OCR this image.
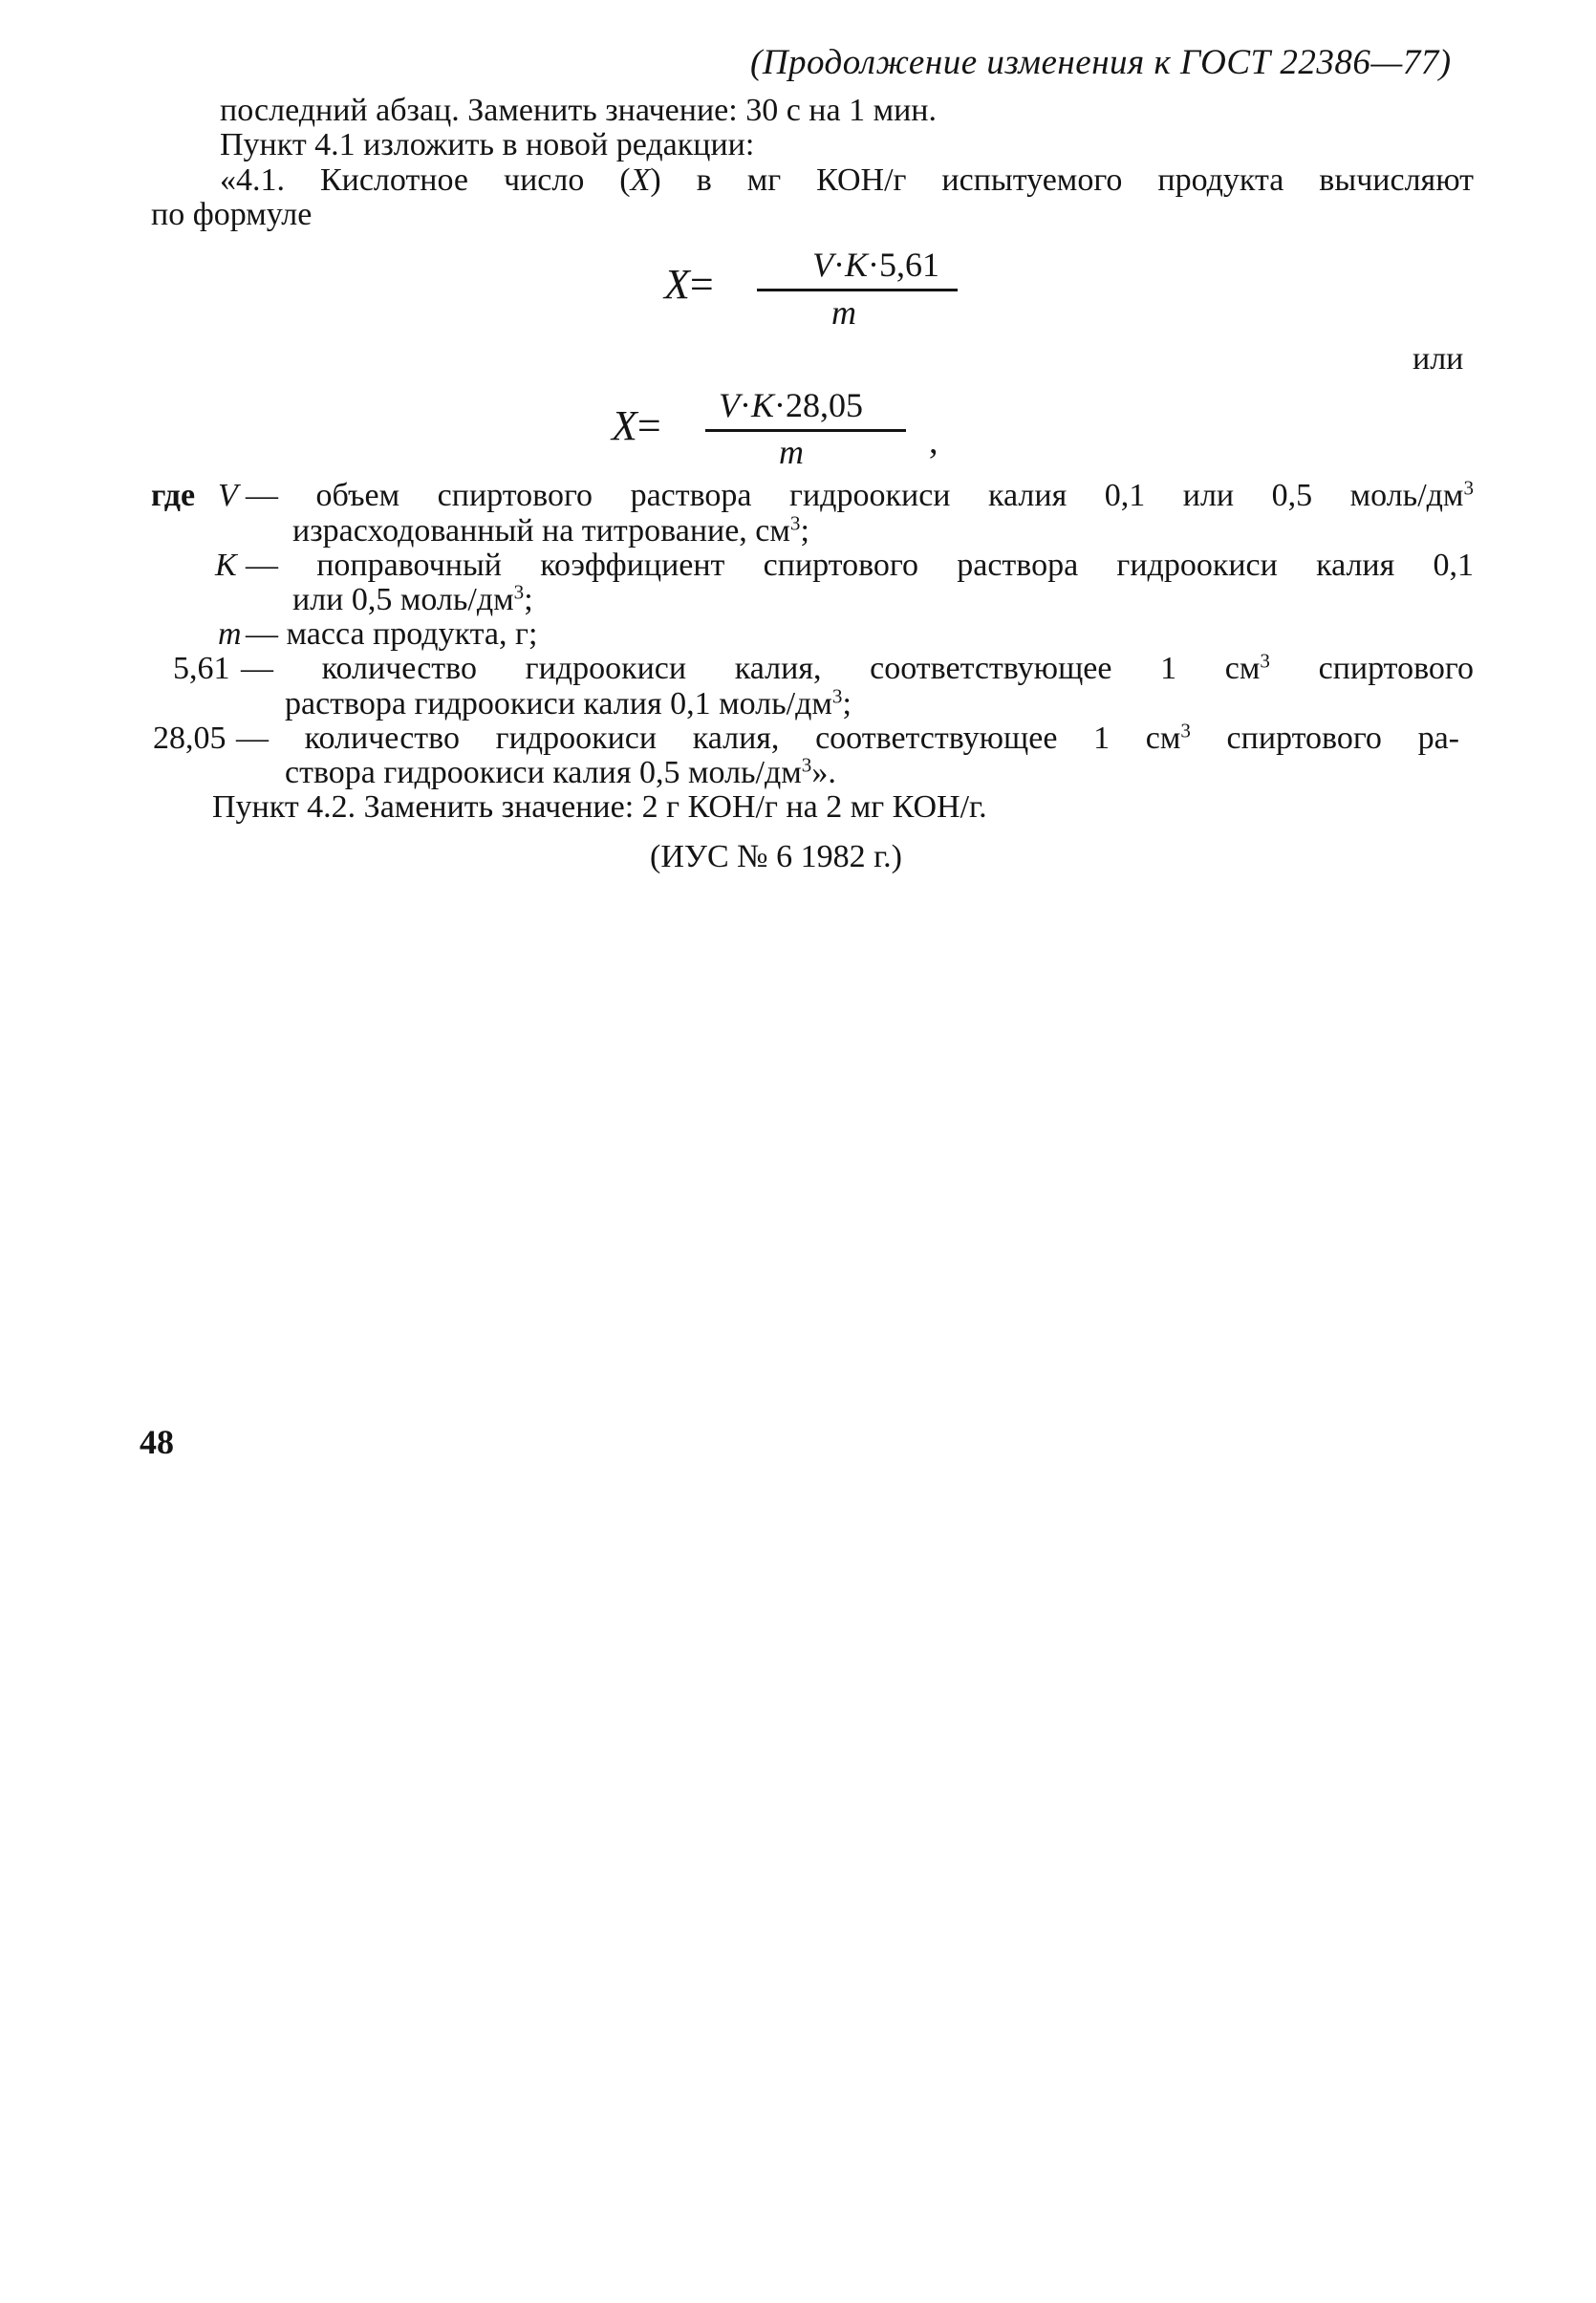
(Продолжение изменения к ГОСТ 22386—77)
последний абзац. Заменить значение: 30 с на 1 мин.
Пункт 4.1 изложить в новой редакции:
«4.1. Кислотное число (X) в мг КОН/г испытуемого продукта вычисляют
по формуле
X=	V·K·5,61
m
или
X= V·K·28,05
m	,
где V — объем спиртового раствора гидроокиси калия 0,1 или 0,5 моль/$дм^3$
израсходованный на титрование, $см^3$;
K — поправочный коэффициент спиртового раствора гидроокиси калия 0,1
или 0,5 моль/$дм^3$;
m — масса продукта, г;
5,61 — количество гидроокиси калия, соответствующее 1 $см^3$ спиртового
раствора гидроокиси калия 0,1 моль/$дм^3$;
28,05 — количество гидроокиси калия, соответствующее 1 $см^3$ спиртового ра-
створа гидроокиси калия 0,5 моль/$дм^3$».
Пункт 4.2. Заменить значение: 2 г КОН/г на 2 мг КОН/г.
(ИУС № 6 1982 г.)
48
